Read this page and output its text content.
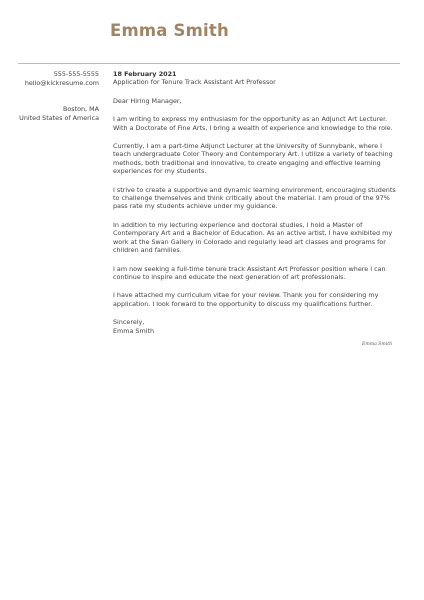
Emma Smith
555-555-5555
hello@kickresume.com
Boston, MA
United States of America
18 February 2021
Application for Tenure Track Assistant Art Professor
Dear Hiring Manager,
I am writing to express my enthusiasm for the opportunity as an Adjunct Art Lecturer. With a Doctorate of Fine Arts, I bring a wealth of experience and knowledge to the role.
Currently, I am a part-time Adjunct Lecturer at the University of Sunnybank, where I teach undergraduate Color Theory and Contemporary Art. I utilize a variety of teaching methods, both traditional and innovative, to create engaging and effective learning experiences for my students.
I strive to create a supportive and dynamic learning environment, encouraging students to challenge themselves and think critically about the material. I am proud of the 97% pass rate my students achieve under my guidance.
In addition to my lecturing experience and doctoral studies, I hold a Master of Contemporary Art and a Bachelor of Education. As an active artist, I have exhibited my work at the Swan Gallery in Colorado and regularly lead art classes and programs for children and families.
I am now seeking a full-time tenure track Assistant Art Professor position where I can continue to inspire and educate the next generation of art professionals.
I have attached my curriculum vitae for your review. Thank you for considering my application. I look forward to the opportunity to discuss my qualifications further.
Sincerely,
Emma Smith
Emma Smith
